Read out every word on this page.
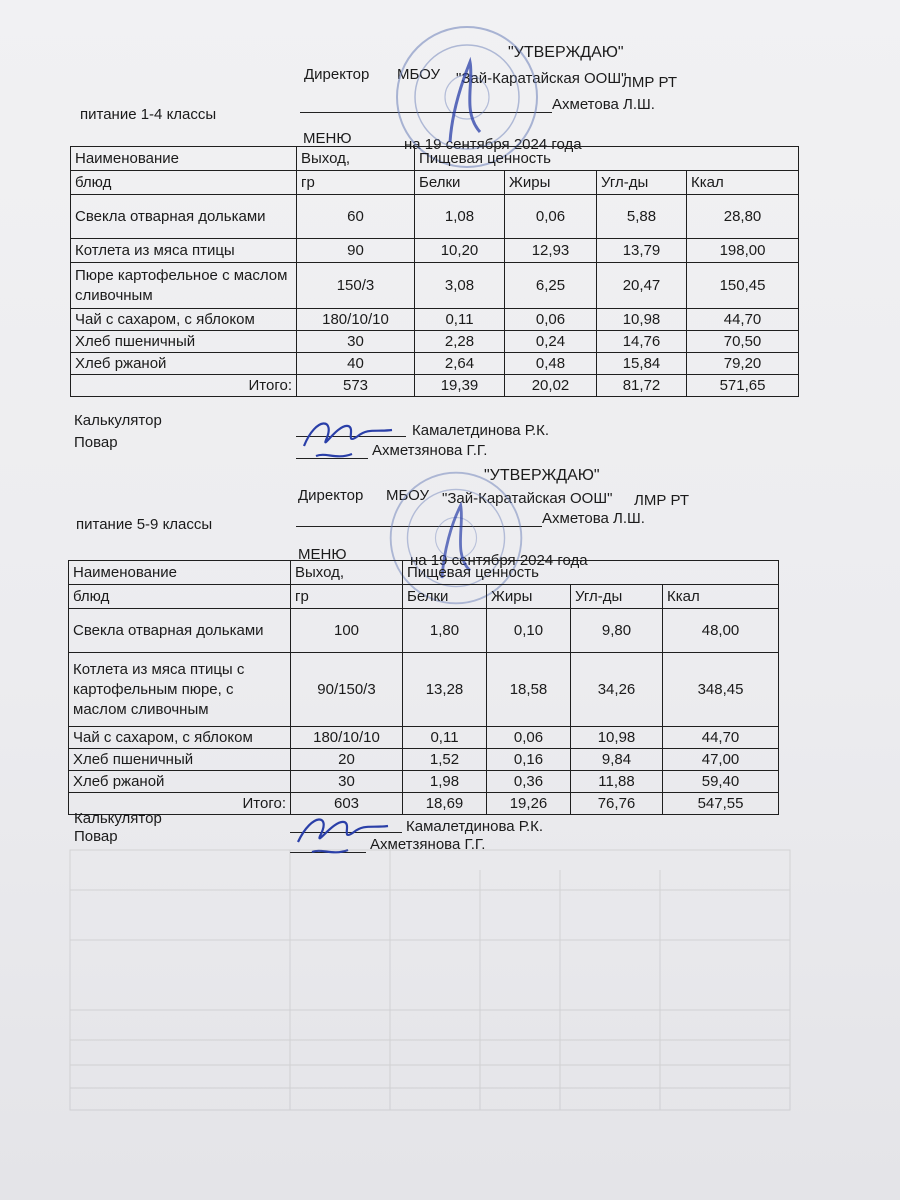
"УТВЕРЖДАЮ"
Директор МБОУ "Зай-Каратайская ООШ"
ЛМР РТ
Ахметова Л.Ш.
питание 1-4 классы
МЕНЮ	на 19 сентября 2024 года
Наименование	Выход,	Пищевая ценность			
блюд	гр	Белки	Жиры	Угл-ды	Ккал
Свекла отварная дольками	60	1,08	0,06	5,88	28,80
Котлета из мяса птицы	90	10,20	12,93	13,79	198,00
Пюре картофельное с маслом сливочным	150/3	3,08	6,25	20,47	150,45
Чай с сахаром, с яблоком	180/10/10	0,11	0,06	10,98	44,70
Хлеб пшеничный	30	2,28	0,24	14,76	70,50
Хлеб ржаной	40	2,64	0,48	15,84	79,20
Итого:	573	19,39	20,02	81,72	571,65
Калькулятор
Повар
Камалетдинова Р.К.
Ахметзянова Г.Г.
"УТВЕРЖДАЮ"
Директор МБОУ "Зай-Каратайская ООШ" ЛМР РТ
Ахметова Л.Ш.
питание 5-9 классы
МЕНЮ	на 19 сентября 2024 года
Наименование	Выход,	Пищевая ценность			
блюд	гр	Белки	Жиры	Угл-ды	Ккал
Свекла отварная дольками	100	1,80	0,10	9,80	48,00
Котлета из мяса птицы с картофельным пюре, с маслом сливочным	90/150/3	13,28	18,58	34,26	348,45
Чай с сахаром, с яблоком	180/10/10	0,11	0,06	10,98	44,70
Хлеб пшеничный	20	1,52	0,16	9,84	47,00
Хлеб ржаной	30	1,98	0,36	11,88	59,40
Итого:	603	18,69	19,26	76,76	547,55
Калькулятор
Повар
Камалетдинова Р.К.
Ахметзянова Г.Г.
